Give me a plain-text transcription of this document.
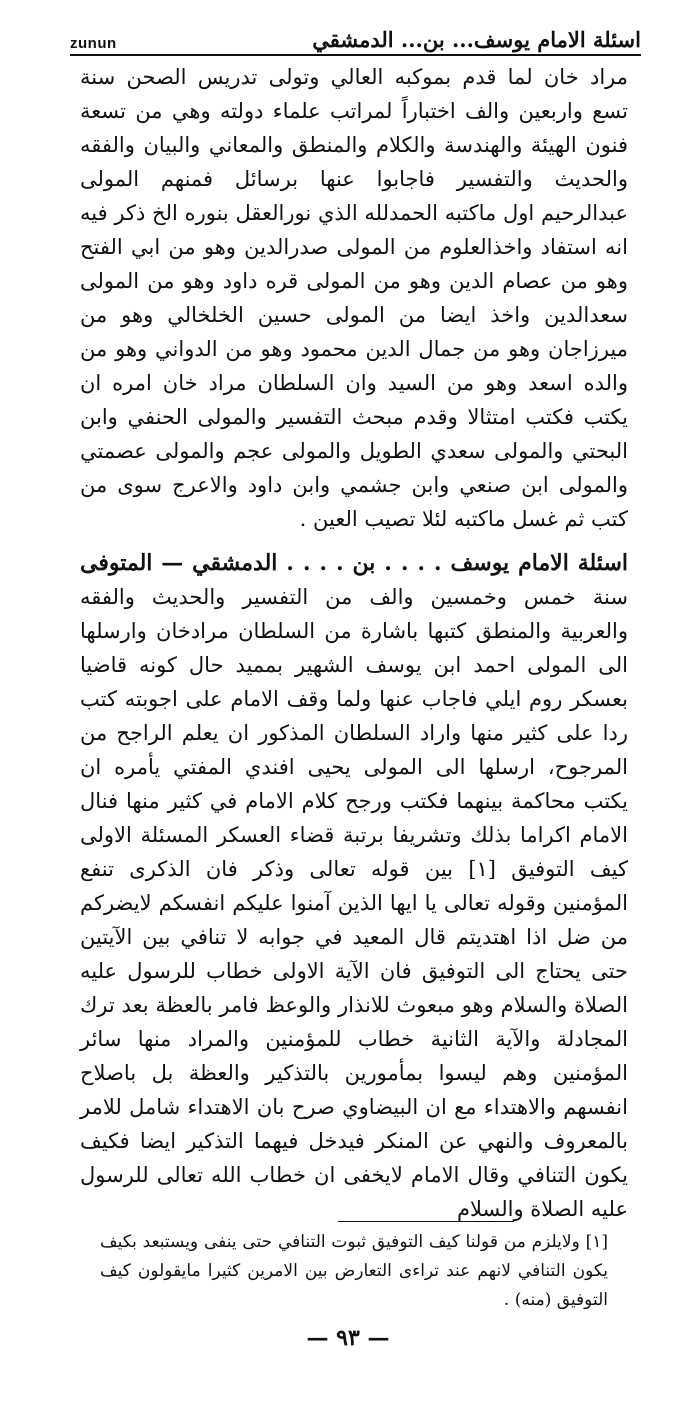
zunun	اسئلة الامام يوسف... بن... الدمشقي

مراد خان لما قدم بموكبه العالي وتولى تدريس الصحن سنة تسع واربعين والف اختباراً لمراتب علماء دولته وهي من تسعة فنون الهيئة والهندسة والكلام والمنطق والمعاني والبيان والفقه والحديث والتفسير فاجابوا عنها برسائل فمنهم المولى عبدالرحيم اول ماكتبه الحمدلله الذي نورالعقل بنوره الخ ذكر فيه انه استفاد واخذالعلوم من المولى صدرالدين وهو من ابي الفتح وهو من عصام الدين وهو من المولى قره داود وهو من المولى سعدالدين واخذ ايضا من المولى حسين الخلخالي وهو من ميرزاجان وهو من جمال الدين محمود وهو من الدواني وهو من والده اسعد وهو من السيد وان السلطان مراد خان امره ان يكتب فكتب امتثالا وقدم مبحث التفسير والمولى الحنفي وابن البحتي والمولى سعدي الطويل والمولى عجم والمولى عصمتي والمولى ابن صنعي وابن جشمي وابن داود والاعرج سوى من كتب ثم غسل ماكتبه لئلا تصيب العين .

اسئلة الامام يوسف . . . . بن . . . . الدمشقي — المتوفى سنة خمس وخمسين والف من التفسير والحديث والفقه والعربية والمنطق كتبها باشارة من السلطان مرادخان وارسلها الى المولى احمد ابن يوسف الشهير بمميد حال كونه قاضيا بعسكر روم ايلي فاجاب عنها ولما وقف الامام على اجوبته كتب ردا على كثير منها واراد السلطان المذكور ان يعلم الراجح من المرجوح، ارسلها الى المولى يحيى افندي المفتي يأمره ان يكتب محاكمة بينهما فكتب ورجح كلام الامام في كثير منها فنال الامام اكراما بذلك وتشريفا برتبة قضاء العسكر المسئلة الاولى كيف التوفيق [١] بين قوله تعالى وذكر فان الذكرى تنفع المؤمنين وقوله تعالى يا ايها الذين آمنوا عليكم انفسكم لايضركم من ضل اذا اهتديتم قال المعيد في جوابه لا تنافي بين الآيتين حتى يحتاج الى التوفيق فان الآية الاولى خطاب للرسول عليه الصلاة والسلام وهو مبعوث للانذار والوعظ فامر بالعظة بعد ترك المجادلة والآية الثانية خطاب للمؤمنين والمراد منها سائر المؤمنين وهم ليسوا بمأمورين بالتذكير والعظة بل باصلاح انفسهم والاهتداء مع ان البيضاوي صرح بان الاهتداء شامل للامر بالمعروف والنهي عن المنكر فيدخل فيهما التذكير ايضا فكيف يكون التنافي وقال الامام لايخفى ان خطاب الله تعالى للرسول عليه الصلاة والسلام

[١] ولايلزم من قولنا كيف التوفيق ثبوت التنافي حتى ينفى ويستبعد بكيف يكون التنافي لانهم عند تراءى التعارض بين الامرين كثيرا مايقولون كيف التوفيق (منه) .

— ٩٣ —
